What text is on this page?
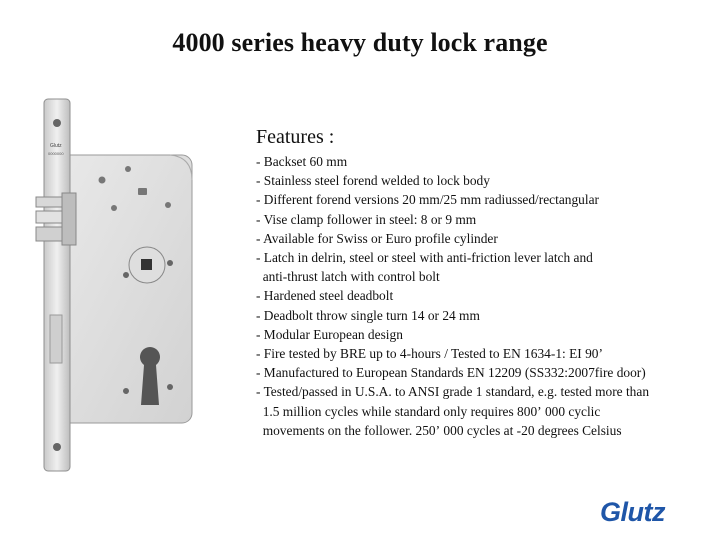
4000 series heavy duty lock range
Glutz
0000000
Features :
- Backset 60 mm
- Stainless steel forend welded to lock body
- Different forend versions 20 mm/25 mm radiussed/rectangular
- Vise clamp follower in steel: 8 or 9 mm
- Available for Swiss or Euro profile cylinder
- Latch in delrin, steel or steel with anti-friction lever latch and
anti-thrust latch with control bolt
- Hardened steel deadbolt
- Deadbolt throw single turn 14 or 24 mm
- Modular European design
- Fire tested by BRE up to 4-hours / Tested to EN 1634-1: EI 90ʼ
- Manufactured to European Standards EN 12209 (SS332:2007fire door)
- Tested/passed in U.S.A. to ANSI grade 1 standard, e.g. tested more than
1.5 million cycles while standard only requires 800ʼ 000 cyclic
movements on the follower. 250ʼ 000 cycles at -20 degrees Celsius
Glutz
